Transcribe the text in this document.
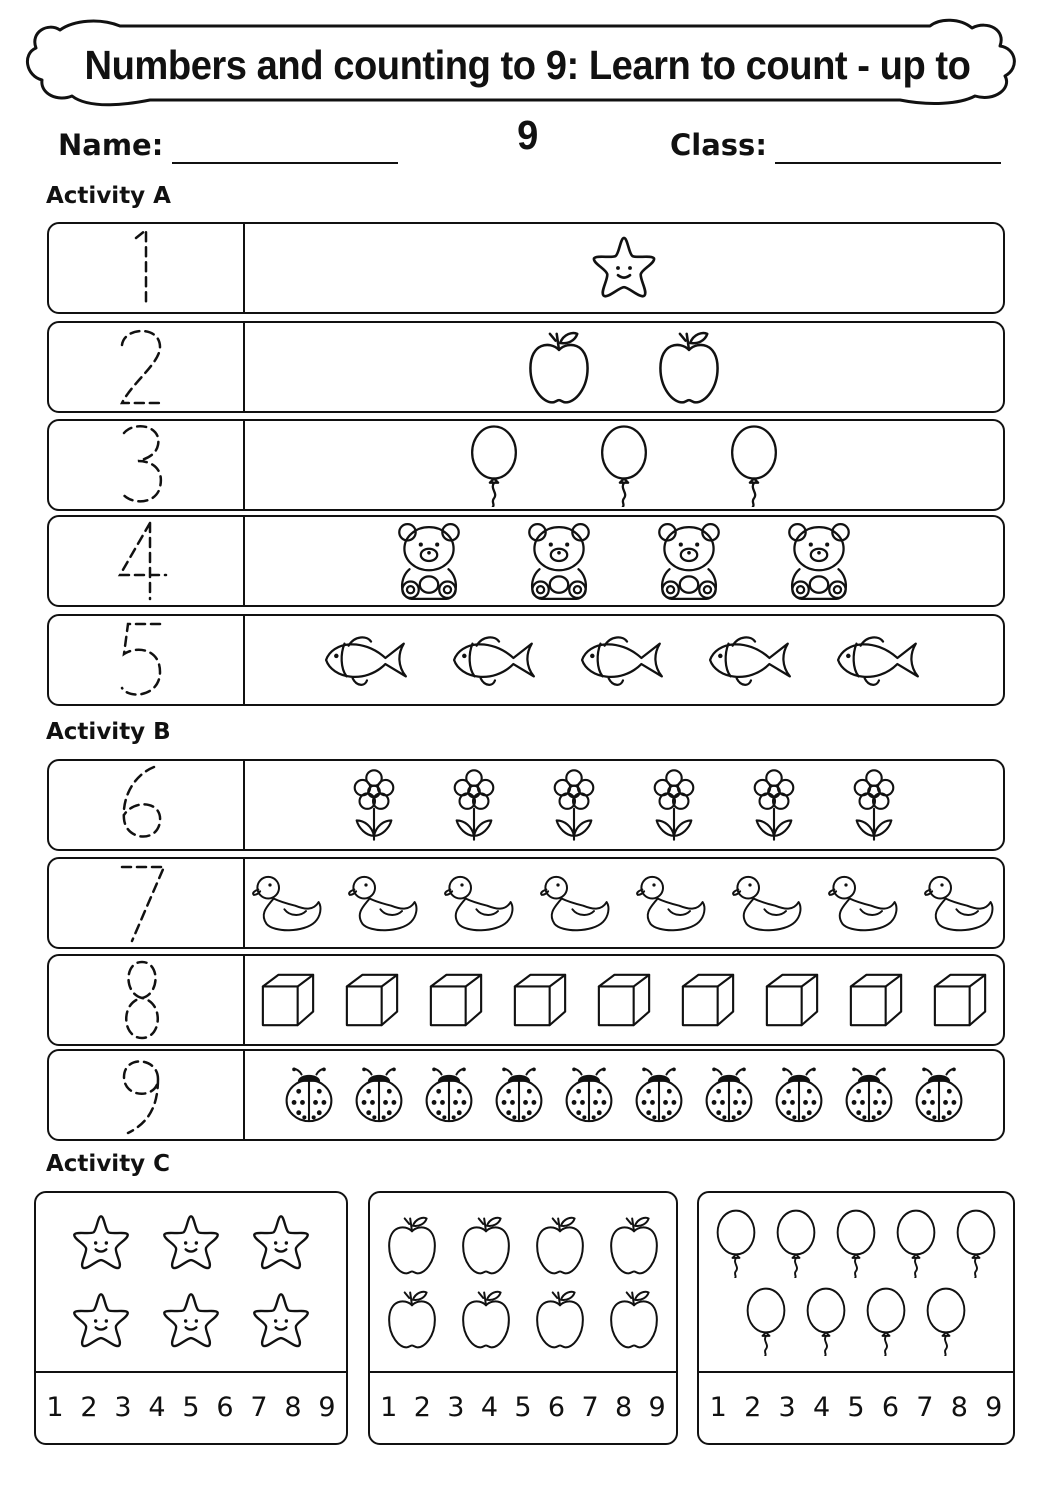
Numbers and counting to 9: Learn to count - up to 9
Name:	Class:
Activity A
Activity B
Activity C
1 2 3 4 5 6 7 8 9 1 2 3 4 5 6 7 8 9 1 2 3 4 5 6 7 8 9
